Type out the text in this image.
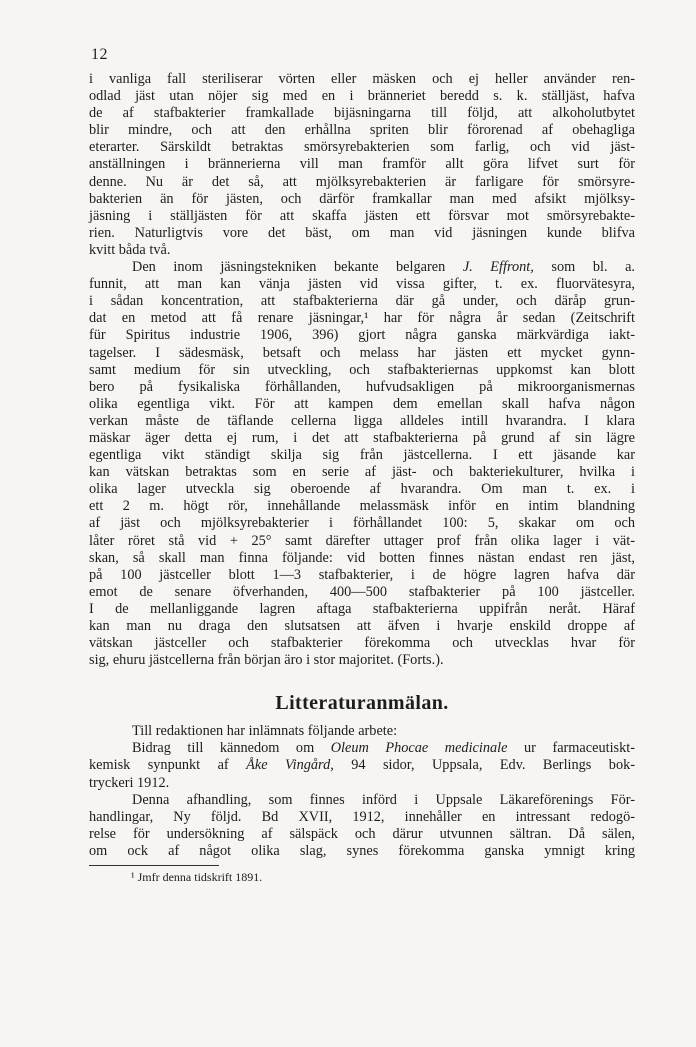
12
i vanliga fall steriliserar vörten eller mäsken och ej heller använder ren-
odlad jäst utan nöjer sig med en i bränneriet beredd s. k. ställjäst, hafva
de af stafbakterier framkallade bijäsningarna till följd, att alkoholutbytet
blir mindre, och att den erhållna spriten blir förorenad af obehagliga
eterarter. Särskildt betraktas smörsyrebakterien som farlig, och vid jäst-
anställningen i brännerierna vill man framför allt göra lifvet surt för
denne. Nu är det så, att mjölksyrebakterien är farligare för smörsyre-
bakterien än för jästen, och därför framkallar man med afsikt mjölksy-
jäsning i ställjästen för att skaffa jästen ett försvar mot smörsyrebakte-
rien. Naturligtvis vore det bäst, om man vid jäsningen kunde blifva
kvitt båda två.
Den inom jäsningstekniken bekante belgaren J. Effront, som bl. a.
funnit, att man kan vänja jästen vid vissa gifter, t. ex. fluorvätesyra,
i sådan koncentration, att stafbakterierna där gå under, och däråp grun-
dat en metod att få renare jäsningar,¹ har för några år sedan (Zeitschrift
für Spiritus industrie 1906, 396) gjort några ganska märkvärdiga iakt-
tagelser. I sädesmäsk, betsaft och melass har jästen ett mycket gynn-
samt medium för sin utveckling, och stafbakteriernas uppkomst kan blott
bero på fysikaliska förhållanden, hufvudsakligen på mikroorganismernas
olika egentliga vikt. För att kampen dem emellan skall hafva någon
verkan måste de täflande cellerna ligga alldeles intill hvarandra. I klara
mäskar äger detta ej rum, i det att stafbakterierna på grund af sin lägre
egentliga vikt ständigt skilja sig från jästcellerna. I ett jäsande kar
kan vätskan betraktas som en serie af jäst- och bakteriekulturer, hvilka i
olika lager utveckla sig oberoende af hvarandra. Om man t. ex. i
ett 2 m. högt rör, innehållande melassmäsk inför en intim blandning
af jäst och mjölksyrebakterier i förhållandet 100: 5, skakar om och
låter röret stå vid + 25° samt därefter uttager prof från olika lager i vät-
skan, så skall man finna följande: vid botten finnes nästan endast ren jäst,
på 100 jästceller blott 1—3 stafbakterier, i de högre lagren hafva där
emot de senare öfverhanden, 400—500 stafbakterier på 100 jästceller.
I de mellanliggande lagren aftaga stafbakterierna uppifrån neråt. Häraf
kan man nu draga den slutsatsen att äfven i hvarje enskild droppe af
vätskan jästceller och stafbakterier förekomma och utvecklas hvar för
sig, ehuru jästcellerna från början äro i stor majoritet. (Forts.).
Litteraturanmälan.
Till redaktionen har inlämnats följande arbete:
Bidrag till kännedom om Oleum Phocae medicinale ur farmaceutiskt-
kemisk synpunkt af Åke Vingård, 94 sidor, Uppsala, Edv. Berlings bok-
tryckeri 1912.
Denna afhandling, som finnes införd i Uppsale Läkareförenings För-
handlingar, Ny följd. Bd XVII, 1912, innehåller en intressant redogö-
relse för undersökning af sälspäck och därur utvunnen sältran. Då sälen,
om ock af något olika slag, synes förekomma ganska ymnigt kring
¹ Jmfr denna tidskrift 1891.
